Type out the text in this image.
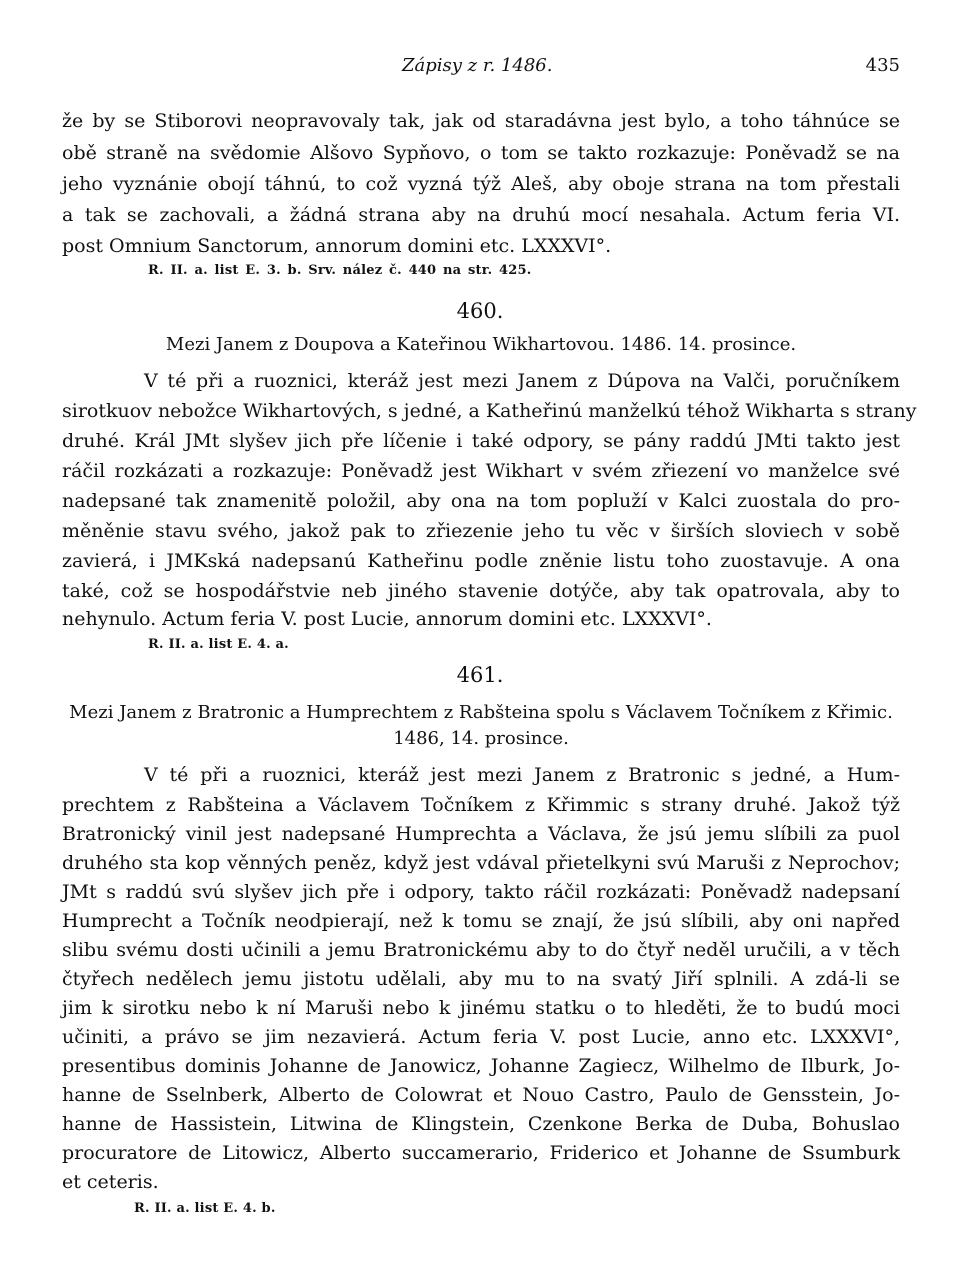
Zápisy z r. 1486.	435
že by se Stiborovi neopravovaly tak, jak od staradávna jest bylo, a toho táhnúce se
obě straně na svědomie Alšovo Sypňovo, o tom se takto rozkazuje: Poněvadž se na
jeho vyznánie obojí táhnú, to což vyzná týž Aleš, aby oboje strana na tom přestali
a tak se zachovali, a žádná strana aby na druhú mocí nesahala. Actum feria VI.
post Omnium Sanctorum, annorum domini etc. LXXXVI°.
R. II. a. list E. 3. b. Srv. nález č. 440 na str. 425.
460.
Mezi Janem z Doupova a Kateřinou Wikhartovou. 1486. 14. prosince.
V té při a ruoznici, kteráž jest mezi Janem z Dúpova na Valči, poručníkem
sirotkuov nebožce Wikhartových, s jedné, a Katheřinú manželkú téhož Wikharta s strany
druhé. Král JMt slyšev jich pře líčenie i také odpory, se pány raddú JMti takto jest
ráčil rozkázati a rozkazuje: Poněvadž jest Wikhart v svém zřiezení vo manželce své
nadepsané tak znamenitě položil, aby ona na tom popluží v Kalci zuostala do pro-
měněnie stavu svého, jakož pak to zřiezenie jeho tu věc v širších sloviech v sobě
zavierá, i JMKská nadepsanú Katheřinu podle zněnie listu toho zuostavuje. A ona
také, což se hospodářstvie neb jiného stavenie dotýče, aby tak opatrovala, aby to
nehynulo. Actum feria V. post Lucie, annorum domini etc. LXXXVI°.
R. II. a. list E. 4. a.
461.
Mezi Janem z Bratronic a Humprechtem z Rabšteina spolu s Václavem Točníkem z Křimic.
1486, 14. prosince.
V té při a ruoznici, kteráž jest mezi Janem z Bratronic s jedné, a Hum-
prechtem z Rabšteina a Václavem Točníkem z Křimmic s strany druhé. Jakož týž
Bratronický vinil jest nadepsané Humprechta a Václava, že jsú jemu slíbili za puol
druhého sta kop věnných peněz, když jest vdával přietelkyni svú Maruši z Neprochov;
JMt s raddú svú slyšev jich pře i odpory, takto ráčil rozkázati: Poněvadž nadepsaní
Humprecht a Točník neodpierají, než k tomu se znají, že jsú slíbili, aby oni napřed
slibu svému dosti učinili a jemu Bratronickému aby to do čtyř neděl uručili, a v těch
čtyřech nedělech jemu jistotu udělali, aby mu to na svatý Jiří splnili. A zdá-li se
jim k sirotku nebo k ní Maruši nebo k jinému statku o to hleděti, že to budú moci
učiniti, a právo se jim nezavierá. Actum feria V. post Lucie, anno etc. LXXXVI°,
presentibus dominis Johanne de Janowicz, Johanne Zagiecz, Wilhelmo de Ilburk, Jo-
hanne de Sselnberk, Alberto de Colowrat et Nouo Castro, Paulo de Gensstein, Jo-
hanne de Hassistein, Litwina de Klingstein, Czenkone Berka de Duba, Bohuslao
procuratore de Litowicz, Alberto succamerario, Friderico et Johanne de Ssumburk
et ceteris.
R. II. a. list E. 4. b.
